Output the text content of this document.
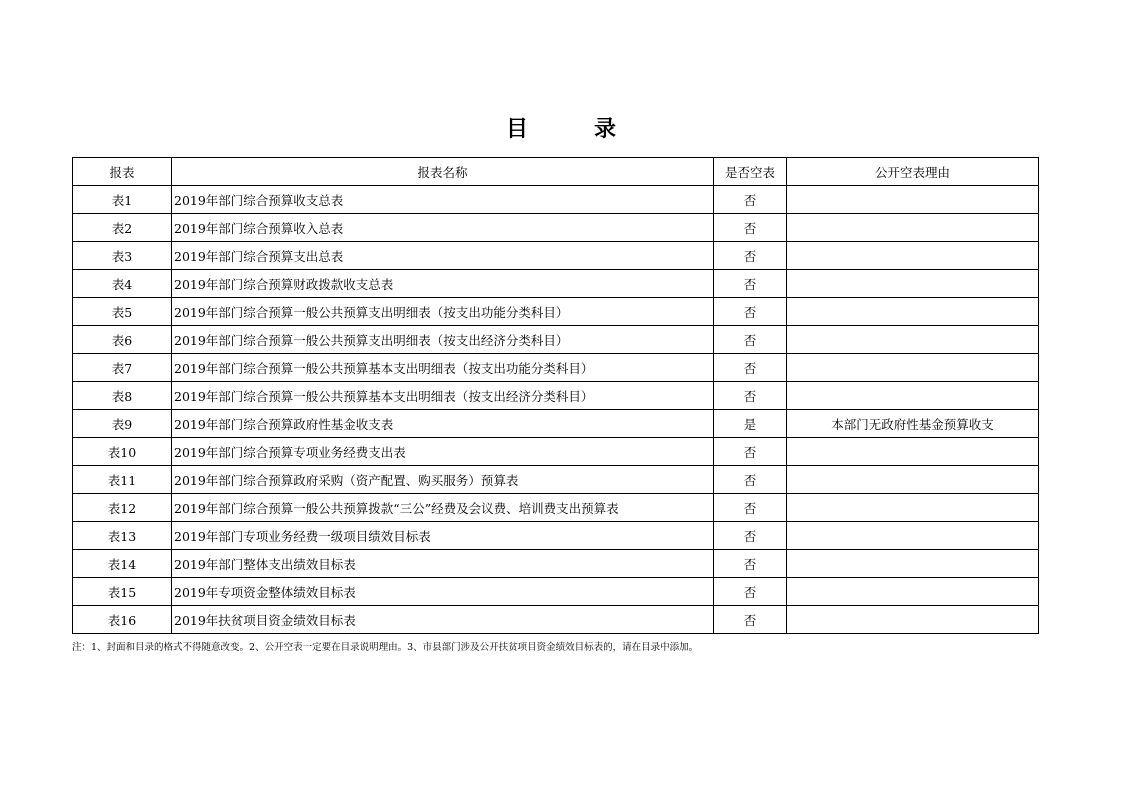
目　录
报表	报表名称	是否空表	公开空表理由
表1	2019年部门综合预算收支总表	否	
表2	2019年部门综合预算收入总表	否	
表3	2019年部门综合预算支出总表	否	
表4	2019年部门综合预算财政拨款收支总表	否	
表5	2019年部门综合预算一般公共预算支出明细表（按支出功能分类科目）	否	
表6	2019年部门综合预算一般公共预算支出明细表（按支出经济分类科目）	否	
表7	2019年部门综合预算一般公共预算基本支出明细表（按支出功能分类科目）	否	
表8	2019年部门综合预算一般公共预算基本支出明细表（按支出经济分类科目）	否	
表9	2019年部门综合预算政府性基金收支表	是	本部门无政府性基金预算收支
表10	2019年部门综合预算专项业务经费支出表	否	
表11	2019年部门综合预算政府采购（资产配置、购买服务）预算表	否	
表12	2019年部门综合预算一般公共预算拨款“三公”经费及会议费、培训费支出预算表	否	
表13	2019年部门专项业务经费一级项目绩效目标表	否	
表14	2019年部门整体支出绩效目标表	否	
表15	2019年专项资金整体绩效目标表	否	
表16	2019年扶贫项目资金绩效目标表	否	
注：1、封面和目录的格式不得随意改变。2、公开空表一定要在目录说明理由。3、市县部门涉及公开扶贫项目资金绩效目标表的，请在目录中添加。
